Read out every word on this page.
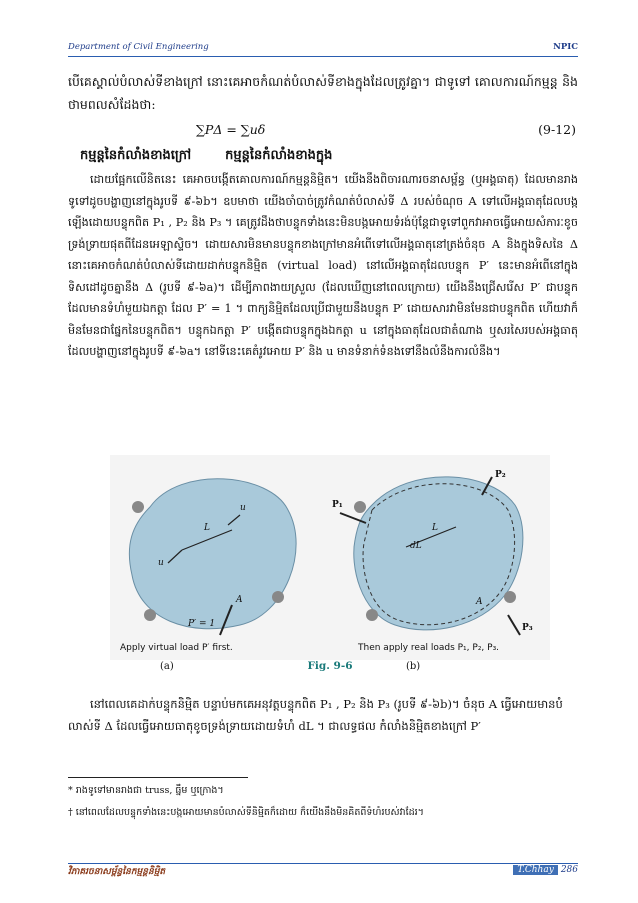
Department of Civil Engineering	NPIC

បើគេស្គាល់បំលាស់ទីខាងក្រៅ នោះគេអាចកំណត់បំលាស់ទីខាងក្នុងដែលត្រូវគ្នា។ ជាទូទៅ គោលការណ៍កម្មន្ត និងថាមពលសំដែងថា:

∑PΔ = ∑uδ	(9-12)
កម្មន្តនៃកំលាំងខាងក្រៅ	កម្មន្តនៃកំលាំងខាងក្នុង

ដោយផ្អែកលើនិតនេះ គេអាចបង្កើតគោលការណ៍កម្មន្តនិម្មិត។ យើងនឹងពិចារណារចនាសម្ព័ន្ធ (ឬអង្គធាតុ) ដែលមានរាងទូទៅដូចបង្ហាញនៅក្នុងរូបទី ៩-៦b។ ឧបមាថា យើងចាំបាច់ត្រូវកំណត់បំលាស់ទី Δ របស់ចំណុច A ទៅលើអង្គធាតុដែលបង្កឡើងដោយបន្ទុកពិត P₁ , P₂ និង P₃ ។ គេត្រូវដឹងថាបន្ទុកទាំងនេះមិនបង្កអោយទំរង់ប៉ុន្តែជាទូទៅពួកវាអាចធ្វើអោយសំភារៈខូចទ្រង់ទ្រាយផុតពីដែនអេឡាស្ទិច។ ដោយសារមិនមានបន្ទុកខាងក្រៅមានអំពើទៅលើអង្គធាតុនៅត្រង់ចំនុច A និងក្នុងទិសនៃ Δ នោះគេអាចកំណត់បំលាស់ទីដោយដាក់បន្ទុកនិម្មិត (virtual load) នៅលើអង្គធាតុដែលបន្ទុក P′ នេះមានអំពើនៅក្នុងទិសដៅដូចគ្នានឹង Δ (រូបទី ៩-៦a)។ ដើម្បីភាពងាយស្រួល (ដែលឃើញនៅពេលក្រោយ) យើងនឹងជ្រើសរើស P′ ជាបន្ទុកដែលមានទំហំមួយឯកត្តា ដែល P′ = 1 ។ ពាក្យនិម្មិតដែលប្រើជាមួយនឹងបន្ទុក P′ ដោយសារវាមិនមែនជាបន្ទុកពិត ហើយវាក៏មិនមែនជាផ្នែកនៃបន្ទុកពិត។ បន្ទុកឯកត្តា P′ បង្កើតជាបន្ទុកក្នុងឯកត្តា u នៅក្នុងធាតុដែលជាតំណាង ឬសរសៃរបស់អង្គធាតុដែលបង្ហាញនៅក្នុងរូបទី ៩-៦a។ នៅទីនេះគេតំរូវអោយ P′ និង u មានទំនាក់ទំនងទៅនឹងលំនឹងការលំនឹង។

u
u
L
A
P′ = 1
Apply virtual load P′ first.
P₁
P₂
P₃
dL
L
A
Then apply real loads P₁, P₂, P₃.
(a)	(b)
Fig. 9-6

នៅពេលគេដាក់បន្ទុកនិម្មិត បន្ទាប់មកគេអនុវត្តបន្ទុកពិត P₁ , P₂ និង P₃ (រូបទី ៩-៦b)។ ចំនុច A ធ្វើអោយមានបំលាស់ទី Δ ដែលធ្វើអោយធាតុខូចទ្រង់ទ្រាយដោយទំហំ dL ។ ជាលទ្ធផល កំលាំងនិម្មិតខាងក្រៅ P′

* រាងទូទៅមានរាងជា truss, ធ្នឹម ឬក្រោង។
† នៅពេលដែលបន្ទុកទាំងនេះបង្កអោយមានបំលាស់ទីនិម្មិតក៏ដោយ ក៏យើងនឹងមិនគិតពីទំហំរបស់វាដែរ។
វិភាគរចនាសម្ព័ន្ធនៃកម្មន្តនិម្មិត	T.Chhay 286
